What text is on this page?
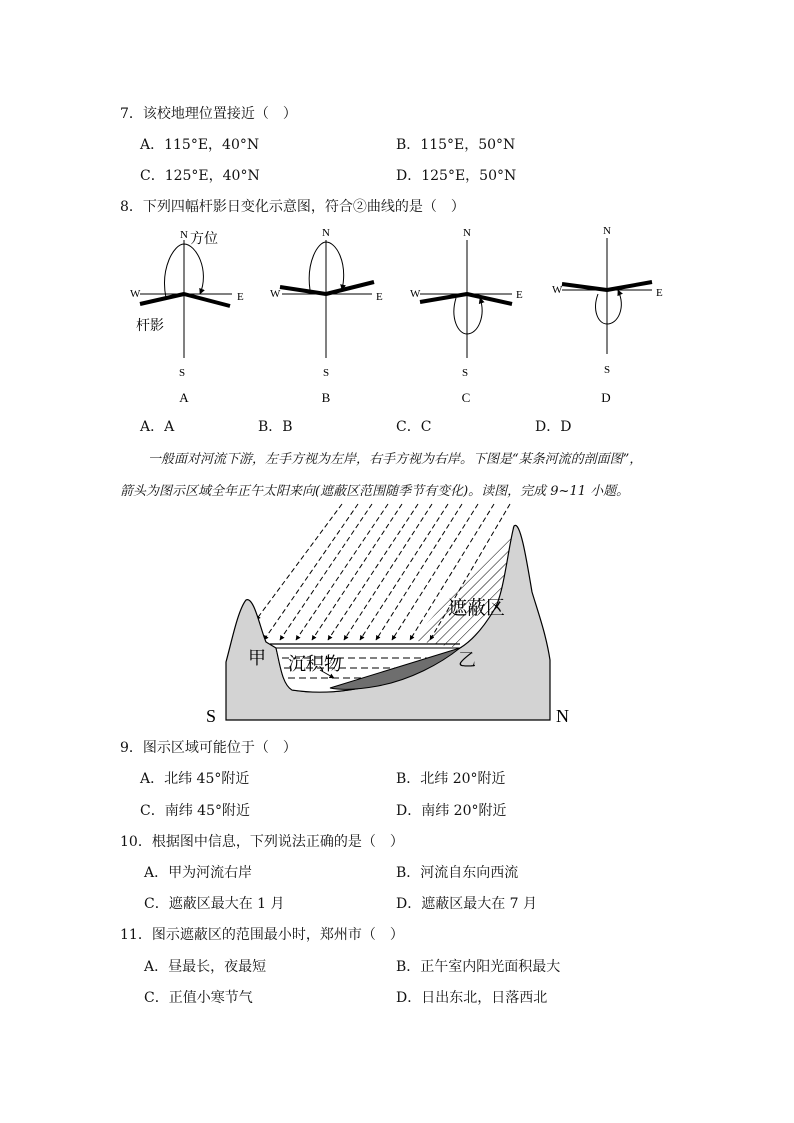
7．该校地理位置接近（　）
A．115°E，40°N	B．115°E，50°N
C．125°E，40°N	D．125°E，50°N
8．下列四幅杆影日变化示意图，符合②曲线的是（　）
N
S
W	E
方位
杆影
A
N
S
W	E
B
N
S
W	E
C
N
S
W	E
D
A．A	B．B	C．C	D．D
一般面对河流下游，左手方视为左岸，右手方视为右岸。下图是“某条河流的剖面图”，
箭头为图示区域全年正午太阳来向(遮蔽区范围随季节有变化)。读图，完成 9~11 小题。
甲 沉积物	乙
遮蔽区
S	N
9．图示区域可能位于（　）
A．北纬 45°附近	B．北纬 20°附近
C．南纬 45°附近	D．南纬 20°附近
10．根据图中信息，下列说法正确的是（　）
A．甲为河流右岸	B．河流自东向西流
C．遮蔽区最大在 1 月	D．遮蔽区最大在 7 月
11．图示遮蔽区的范围最小时，郑州市（　）
A．昼最长，夜最短	B．正午室内阳光面积最大
C．正值小寒节气	D．日出东北，日落西北
